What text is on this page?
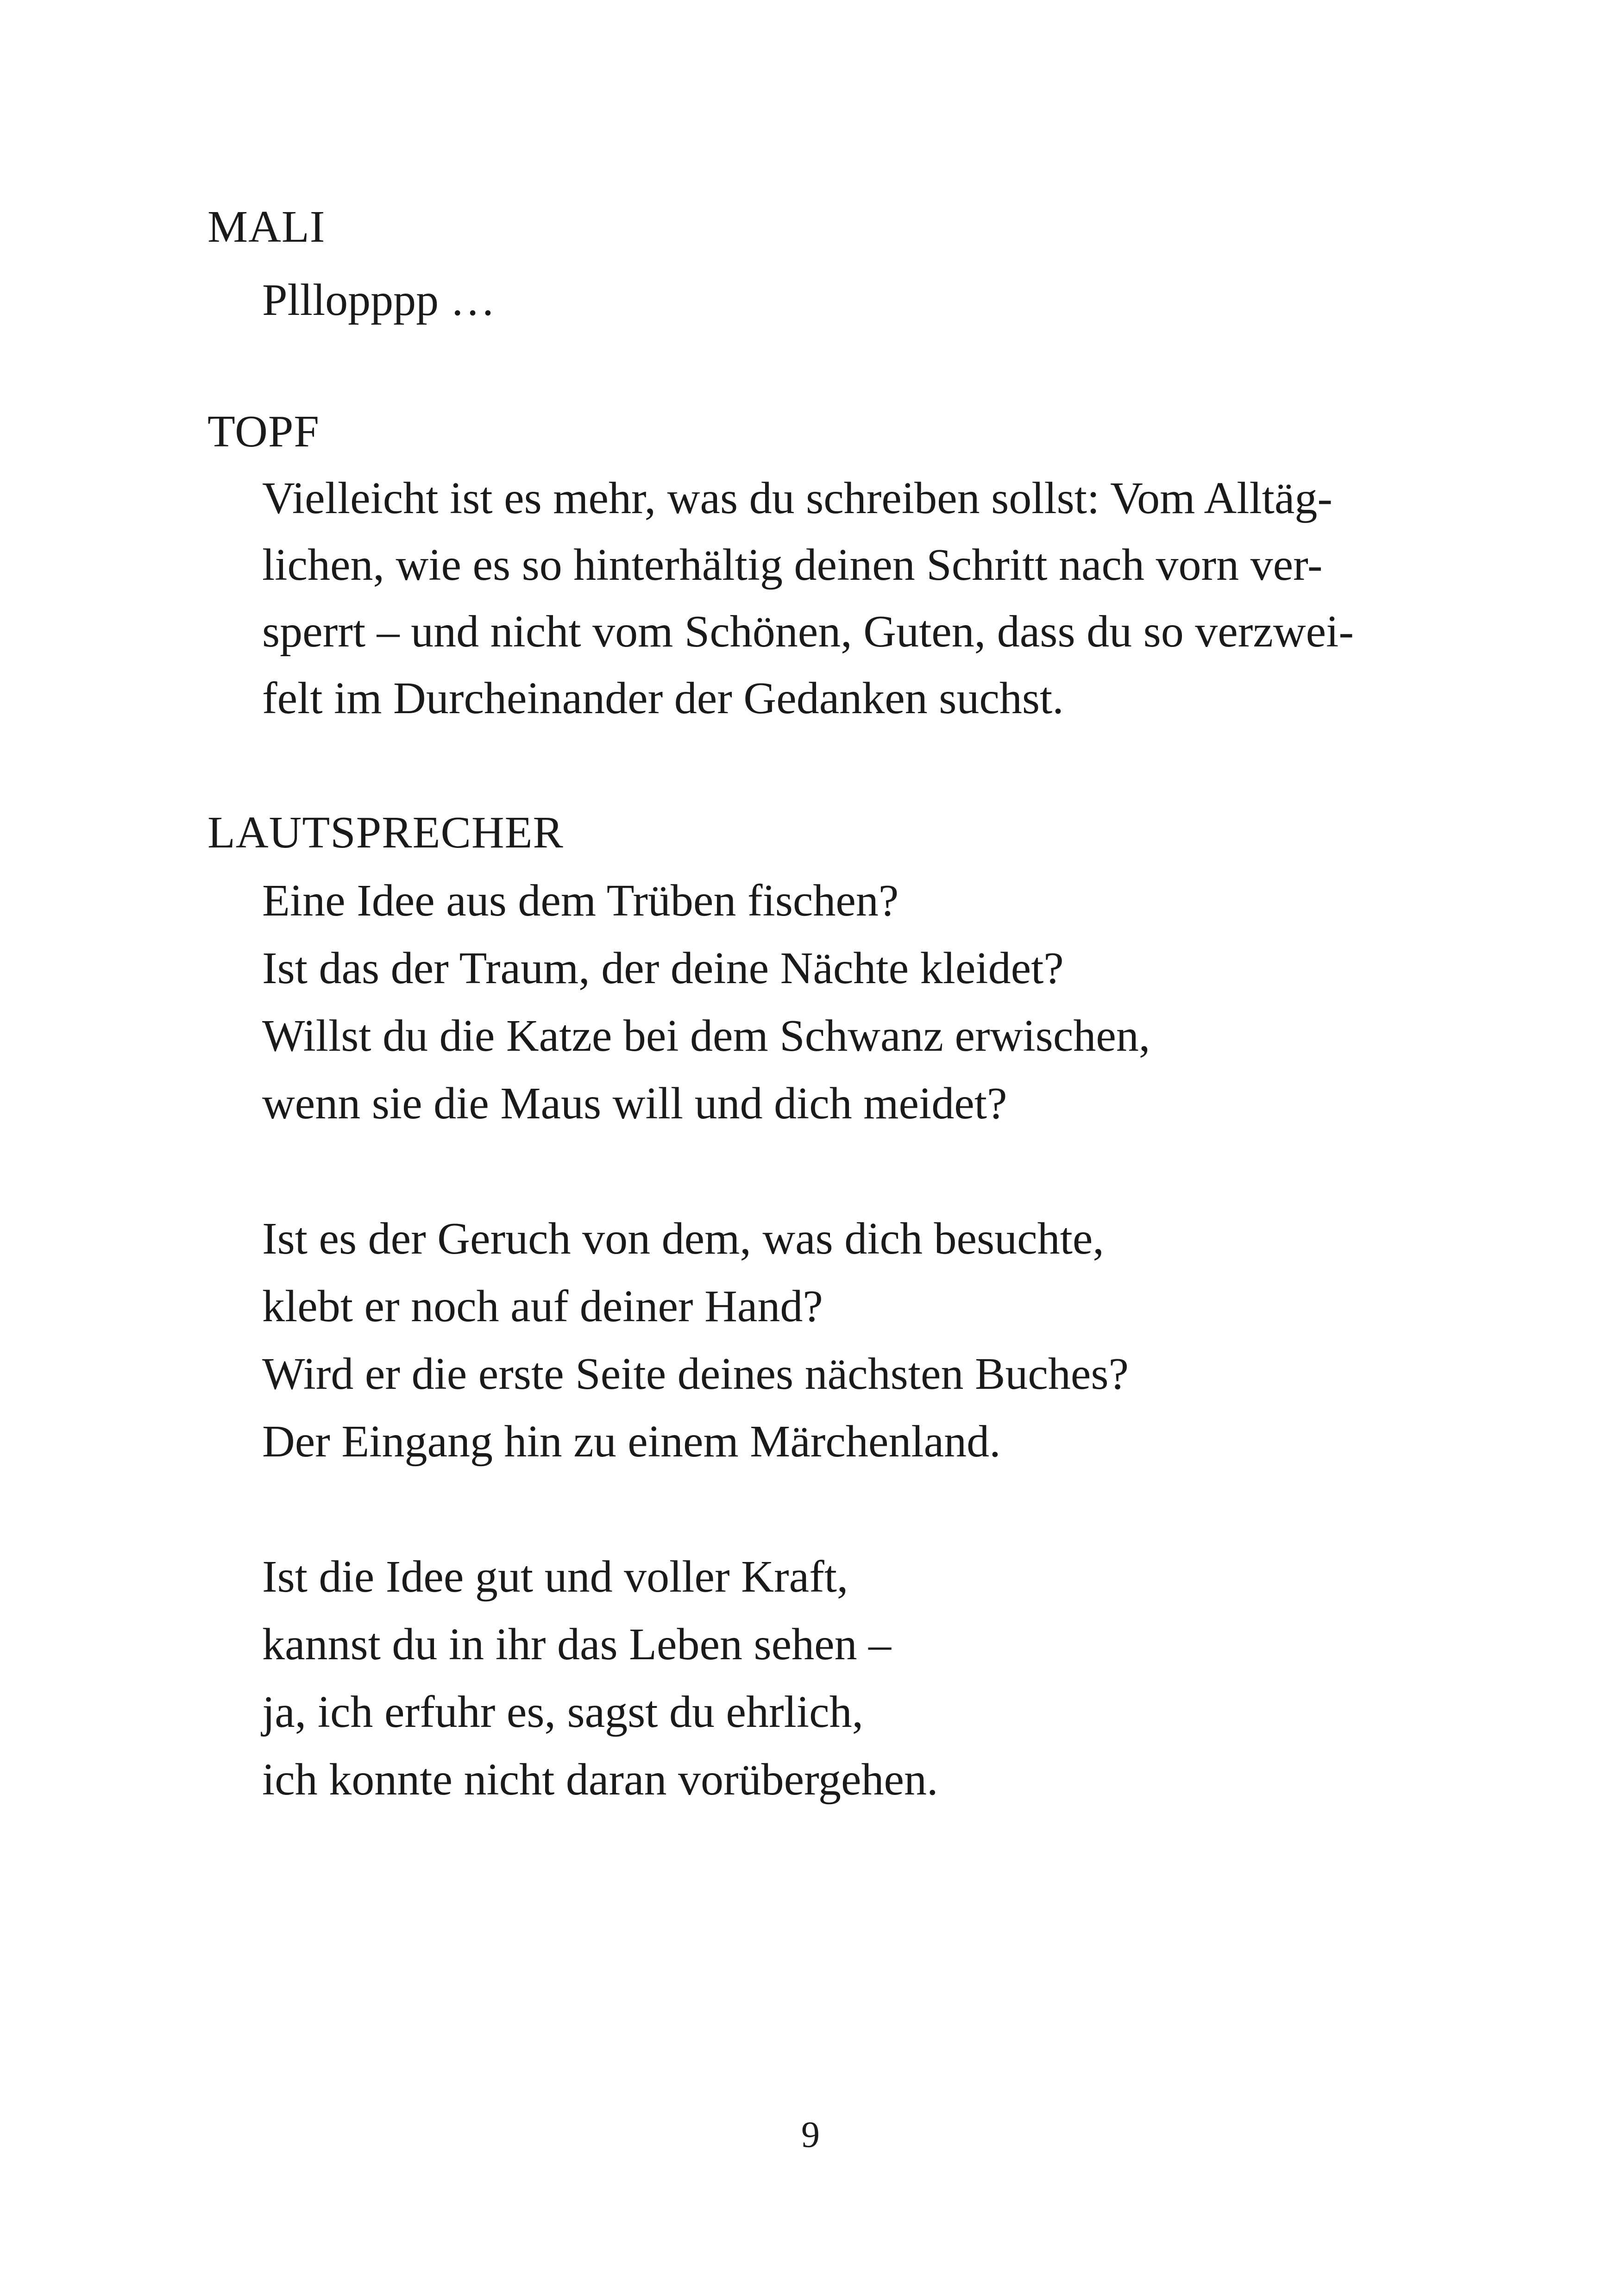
MALI
Plllopppp …
TOPF
Vielleicht ist es mehr, was du schreiben sollst: Vom Alltäg-
lichen, wie es so hinterhältig deinen Schritt nach vorn ver-
sperrt – und nicht vom Schönen, Guten, dass du so verzwei-
felt im Durcheinander der Gedanken suchst.
LAUTSPRECHER
Eine Idee aus dem Trüben fischen?
Ist das der Traum, der deine Nächte kleidet?
Willst du die Katze bei dem Schwanz erwischen,
wenn sie die Maus will und dich meidet?
Ist es der Geruch von dem, was dich besuchte,
klebt er noch auf deiner Hand?
Wird er die erste Seite deines nächsten Buches?
Der Eingang hin zu einem Märchenland.
Ist die Idee gut und voller Kraft,
kannst du in ihr das Leben sehen –
ja, ich erfuhr es, sagst du ehrlich,
ich konnte nicht daran vorübergehen.
9
